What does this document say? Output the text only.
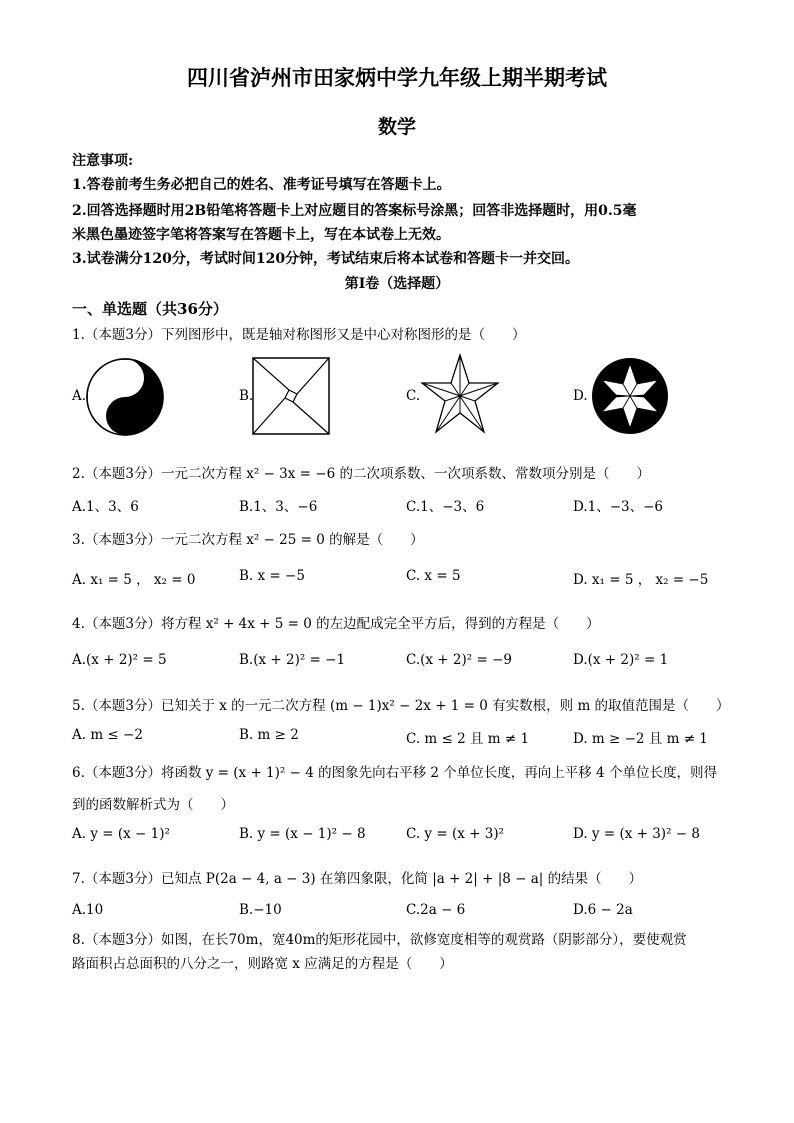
四川省泸州市田家炳中学九年级上期半期考试
数学
注意事项:
1.答卷前考生务必把自己的姓名、准考证号填写在答题卡上。
2.回答选择题时用2B铅笔将答题卡上对应题目的答案标号涂黑；回答非选择题时，用0.5毫
米黑色墨迹签字笔将答案写在答题卡上，写在本试卷上无效。
3.试卷满分120分，考试时间120分钟，考试结束后将本试卷和答题卡一并交回。
第I卷（选择题）
一、单选题（共36分）
1.（本题3分）下列图形中，既是轴对称图形又是中心对称图形的是（　　）
A.	B.	C.	D.
2.（本题3分）一元二次方程 x² − 3x = −6 的二次项系数、一次项系数、常数项分别是（　　）
A.1、3、6	B.1、3、−6	C.1、−3、6	D.1、−3、−6
3.（本题3分）一元二次方程 x² − 25 = 0 的解是（　　）
A. x₁ = 5 ， x₂ = 0	B. x = −5	C. x = 5	D. x₁ = 5 ， x₂ = −5
4.（本题3分）将方程 x² + 4x + 5 = 0 的左边配成完全平方后，得到的方程是（　　）
A.(x + 2)² = 5	B.(x + 2)² = −1	C.(x + 2)² = −9	D.(x + 2)² = 1
5.（本题3分）已知关于 x 的一元二次方程 (m − 1)x² − 2x + 1 = 0 有实数根，则 m 的取值范围是（　　）
A. m ≤ −2	B. m ≥ 2	C. m ≤ 2 且 m ≠ 1	D. m ≥ −2 且 m ≠ 1
6.（本题3分）将函数 y = (x + 1)² − 4 的图象先向右平移 2 个单位长度，再向上平移 4 个单位长度，则得
到的函数解析式为（　　）
A. y = (x − 1)²	B. y = (x − 1)² − 8	C. y = (x + 3)²	D. y = (x + 3)² − 8
7.（本题3分）已知点 P(2a − 4, a − 3) 在第四象限，化简 |a + 2| + |8 − a| 的结果（　　）
A.10	B.−10	C.2a − 6	D.6 − 2a
8.（本题3分）如图，在长70m，宽40m的矩形花园中，欲修宽度相等的观赏路（阴影部分），要使观赏
路面积占总面积的八分之一，则路宽 x 应满足的方程是（　　）
